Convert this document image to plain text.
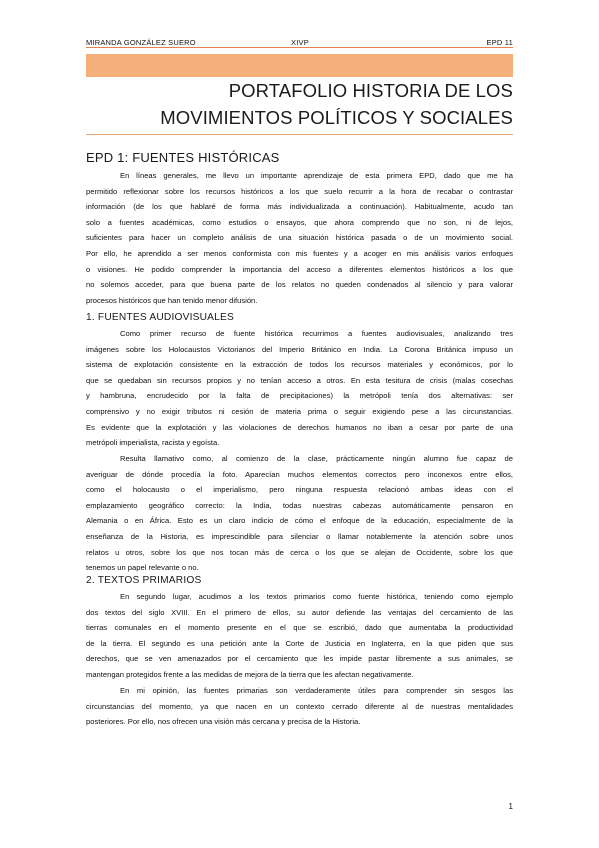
MIRANDA GONZÁLEZ SUERO	XIVP	EPD 11
PORTAFOLIO HISTORIA DE LOS
MOVIMIENTOS POLÍTICOS Y SOCIALES
EPD 1: FUENTES HISTÓRICAS
En líneas generales, me llevo un importante aprendizaje de esta primera EPD, dado que me ha
permitido reflexionar sobre los recursos históricos a los que suelo recurrir a la hora de recabar o contrastar
información (de los que hablaré de forma más individualizada a continuación). Habitualmente, acudo tan
solo a fuentes académicas, como estudios o ensayos, que ahora comprendo que no son, ni de lejos,
suficientes para hacer un completo análisis de una situación histórica pasada o de un movimiento social.
Por ello, he aprendido a ser menos conformista con mis fuentes y a acoger en mis análisis varios enfoques
o visiones. He podido comprender la importancia del acceso a diferentes elementos históricos a los que
no solemos acceder, para que buena parte de los relatos no queden condenados al silencio y para valorar
procesos históricos que han tenido menor difusión.
1. FUENTES AUDIOVISUALES
Como primer recurso de fuente histórica recurrimos a fuentes audiovisuales, analizando tres
imágenes sobre los Holocaustos Victorianos del Imperio Británico en India. La Corona Británica impuso un
sistema de explotación consistente en la extracción de todos los recursos materiales y económicos, por lo
que se quedaban sin recursos propios y no tenían acceso a otros. En esta tesitura de crisis (malas cosechas
y hambruna, encrudecido por la falta de precipitaciones) la metrópoli tenía dos alternativas: ser
comprensivo y no exigir tributos ni cesión de materia prima o seguir exigiendo pese a las circunstancias.
Es evidente que la explotación y las violaciones de derechos humanos no iban a cesar por parte de una
metrópoli imperialista, racista y egoísta.
Resulta llamativo como, al comienzo de la clase, prácticamente ningún alumno fue capaz de
averiguar de dónde procedía la foto. Aparecían muchos elementos correctos pero inconexos entre ellos,
como el holocausto o el imperialismo, pero ninguna respuesta relacionó ambas ideas con el
emplazamiento geográfico correcto: la India, todas nuestras cabezas automáticamente pensaron en
Alemania o en África. Esto es un claro indicio de cómo el enfoque de la educación, especialmente de la
enseñanza de la Historia, es imprescindible para silenciar o llamar notablemente la atención sobre unos
relatos u otros, sobre los que nos tocan más de cerca o los que se alejan de Occidente, sobre los que
tenemos un papel relevante o no.
2. TEXTOS PRIMARIOS
En segundo lugar, acudimos a los textos primarios como fuente histórica, teniendo como ejemplo
dos textos del siglo XVIII. En el primero de ellos, su autor defiende las ventajas del cercamiento de las
tierras comunales en el momento presente en el que se escribió, dado que aumentaba la productividad
de la tierra. El segundo es una petición ante la Corte de Justicia en Inglaterra, en la que piden que sus
derechos, que se ven amenazados por el cercamiento que les impide pastar libremente a sus animales, se
mantengan protegidos frente a las medidas de mejora de la tierra que les afectan negativamente.
En mi opinión, las fuentes primarias son verdaderamente útiles para comprender sin sesgos las
circunstancias del momento, ya que nacen en un contexto cerrado diferente al de nuestras mentalidades
posteriores. Por ello, nos ofrecen una visión más cercana y precisa de la Historia.
1
